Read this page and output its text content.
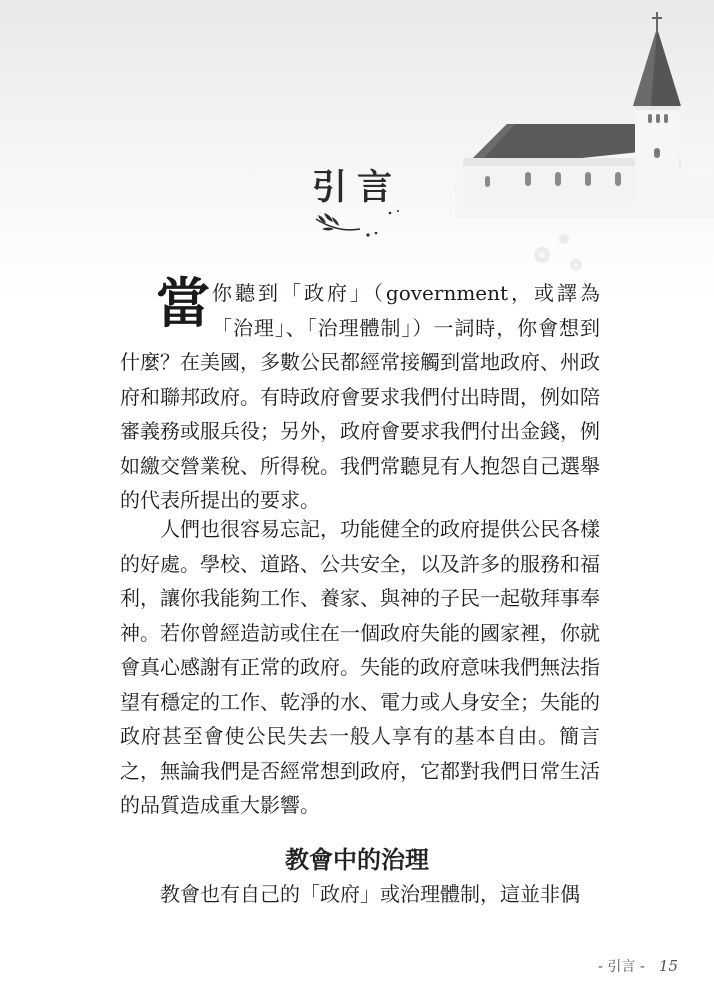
引言
當你聽到「政府」（government，或譯為「治理」、「治理體制」）一詞時，你會想到什麼？在美國，多數公民都經常接觸到當地政府、州政府和聯邦政府。有時政府會要求我們付出時間，例如陪審義務或服兵役；另外，政府會要求我們付出金錢，例如繳交營業稅、所得稅。我們常聽見有人抱怨自己選舉的代表所提出的要求。
人們也很容易忘記，功能健全的政府提供公民各樣的好處。學校、道路、公共安全，以及許多的服務和福利，讓你我能夠工作、養家、與神的子民一起敬拜事奉神。若你曾經造訪或住在一個政府失能的國家裡，你就會真心感謝有正常的政府。失能的政府意味我們無法指望有穩定的工作、乾淨的水、電力或人身安全；失能的政府甚至會使公民失去一般人享有的基本自由。簡言之，無論我們是否經常想到政府，它都對我們日常生活的品質造成重大影響。
教會中的治理
教會也有自己的「政府」或治理體制，這並非偶
- 引言 - 15
